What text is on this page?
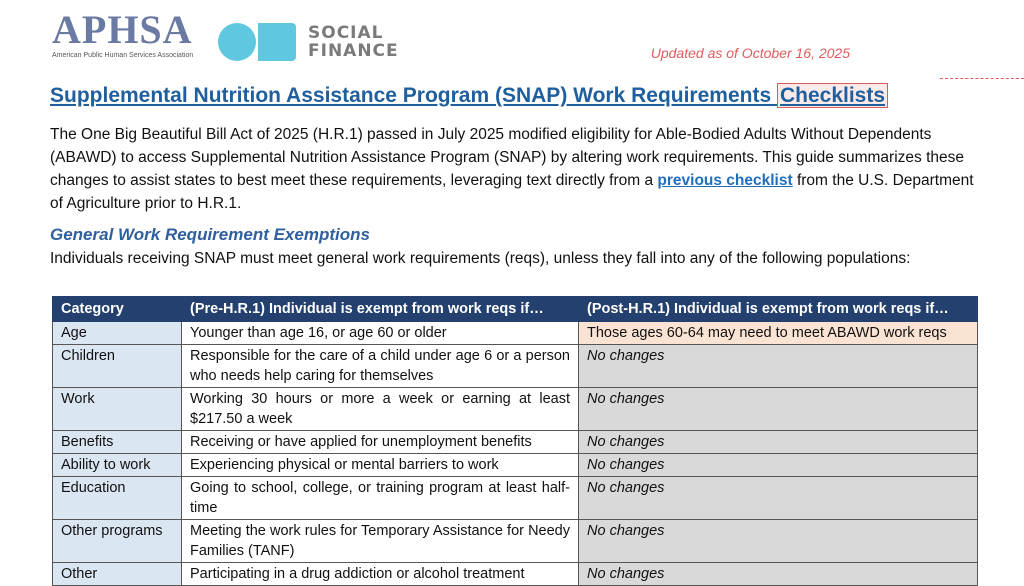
APHSA
American Public Human Services Association
SOCIAL
FINANCE	Updated as of October 16, 2025
Supplemental Nutrition Assistance Program (SNAP) Work Requirements Checklists
The One Big Beautiful Bill Act of 2025 (H.R.1) passed in July 2025 modified eligibility for Able-Bodied Adults Without Dependents (ABAWD) to access Supplemental Nutrition Assistance Program (SNAP) by altering work requirements. This guide summarizes these changes to assist states to best meet these requirements, leveraging text directly from a previous checklist from the U.S. Department of Agriculture prior to H.R.1.
General Work Requirement Exemptions
Individuals receiving SNAP must meet general work requirements (reqs), unless they fall into any of the following populations:
Category	(Pre-H.R.1) Individual is exempt from work reqs if…	(Post-H.R.1) Individual is exempt from work reqs if…
Age	Younger than age 16, or age 60 or older	Those ages 60-64 may need to meet ABAWD work reqs
Children	Responsible for the care of a child under age 6 or a person who needs help caring for themselves	No changes
Work	Working 30 hours or more a week or earning at least $217.50 a week	No changes
Benefits	Receiving or have applied for unemployment benefits	No changes
Ability to work	Experiencing physical or mental barriers to work	No changes
Education	Going to school, college, or training program at least half-time	No changes
Other programs	Meeting the work rules for Temporary Assistance for Needy Families (TANF)	No changes
Other	Participating in a drug addiction or alcohol treatment	No changes
